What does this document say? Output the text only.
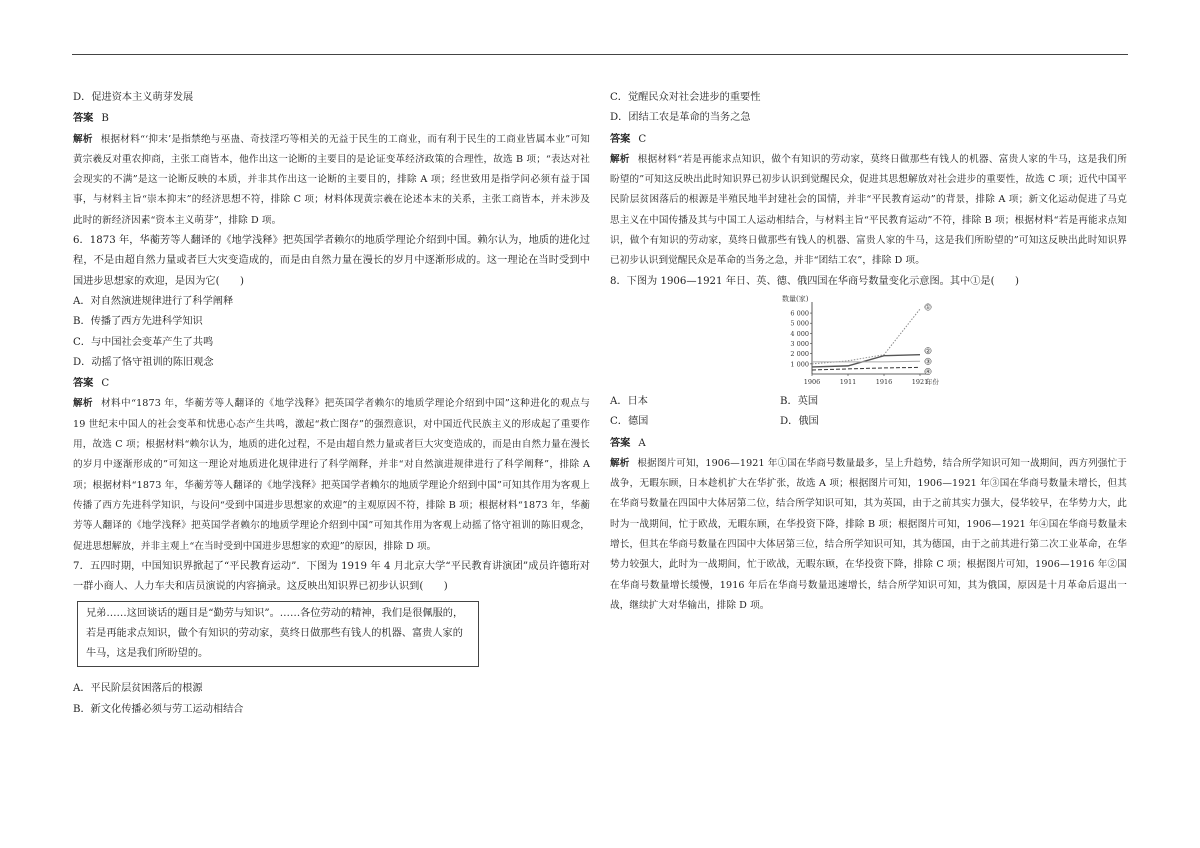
D．促进资本主义萌芽发展

答案 B

解析 根据材料“‘抑末’是指禁绝与巫蛊、奇技淫巧等相关的无益于民生的工商业，而有利于民生的工商业皆属本业”可知黄宗羲反对重农抑商，主张工商皆本，他作出这一论断的主要目的是论证变革经济政策的合理性，故选 B 项；“表达对社会现实的不满”是这一论断反映的本质，并非其作出这一论断的主要目的，排除 A 项；经世致用是指学问必须有益于国事，与材料主旨“崇本抑末”的经济思想不符，排除 C 项；材料体现黄宗羲在论述本末的关系，主张工商皆本，并未涉及此时的新经济因素“资本主义萌芽”，排除 D 项。

6．1873 年，华蘅芳等人翻译的《地学浅释》把英国学者赖尔的地质学理论介绍到中国。赖尔认为，地质的进化过程，不是由超自然力量或者巨大灾变造成的，而是由自然力量在漫长的岁月中逐渐形成的。这一理论在当时受到中国进步思想家的欢迎，是因为它(　　)

A．对自然演进规律进行了科学阐释

B．传播了西方先进科学知识

C．与中国社会变革产生了共鸣

D．动摇了恪守祖训的陈旧观念

答案 C

解析 材料中“1873 年，华蘅芳等人翻译的《地学浅释》把英国学者赖尔的地质学理论介绍到中国”这种进化的观点与 19 世纪末中国人的社会变革和忧患心态产生共鸣，激起“救亡图存”的强烈意识，对中国近代民族主义的形成起了重要作用，故选 C 项；根据材料“赖尔认为，地质的进化过程，不是由超自然力量或者巨大灾变造成的，而是由自然力量在漫长的岁月中逐渐形成的”可知这一理论对地质进化规律进行了科学阐释，并非“对自然演进规律进行了科学阐释”，排除 A 项；根据材料“1873 年，华蘅芳等人翻译的《地学浅释》把英国学者赖尔的地质学理论介绍到中国”可知其作用为客观上传播了西方先进科学知识，与设问“受到中国进步思想家的欢迎”的主观原因不符，排除 B 项；根据材料“1873 年，华蘅芳等人翻译的《地学浅释》把英国学者赖尔的地质学理论介绍到中国”可知其作用为客观上动摇了恪守祖训的陈旧观念，促进思想解放，并非主观上“在当时受到中国进步思想家的欢迎”的原因，排除 D 项。

7．五四时期，中国知识界掀起了“平民教育运动”．下图为 1919 年 4 月北京大学“平民教育讲演团”成员许德珩对一群小商人、人力车夫和店员演说的内容摘录。这反映出知识界已初步认识到(　　)

兄弟……这回谈话的题目是“勤劳与知识”。……各位劳动的精神，我们是很佩服的，若是再能求点知识，做个有知识的劳动家，莫终日做那些有钱人的机器、富贵人家的牛马，这是我们所盼望的。

A．平民阶层贫困落后的根源

B．新文化传播必须与劳工运动相结合

C．觉醒民众对社会进步的重要性

D．团结工农是革命的当务之急

答案 C

解析 根据材料“若是再能求点知识，做个有知识的劳动家，莫终日做那些有钱人的机器、富贵人家的牛马，这是我们所盼望的”可知这反映出此时知识界已初步认识到觉醒民众，促进其思想解放对社会进步的重要性，故选 C 项；近代中国平民阶层贫困落后的根源是半殖民地半封建社会的国情，并非“平民教育运动”的背景，排除 A 项；新文化运动促进了马克思主义在中国传播及其与中国工人运动相结合，与材料主旨“平民教育运动”不符，排除 B 项；根据材料“若是再能求点知识，做个有知识的劳动家，莫终日做那些有钱人的机器、富贵人家的牛马，这是我们所盼望的”可知这反映出此时知识界已初步认识到觉醒民众是革命的当务之急，并非“团结工农”，排除 D 项。

8．下图为 1906—1921 年日、英、德、俄四国在华商号数量变化示意图。其中①是(　　)

数量(家)
1 000
2 000
3 000
4 000
5 000
6 000
1906	1911	1916	1921
年份
①
②
③
④
A．日本	B．英国
C．德国	D．俄国

答案 A

解析 根据图片可知，1906—1921 年①国在华商号数量最多，呈上升趋势，结合所学知识可知一战期间，西方列强忙于战争，无暇东顾，日本趁机扩大在华扩张，故选 A 项；根据图片可知，1906—1921 年③国在华商号数量未增长，但其在华商号数量在四国中大体居第二位，结合所学知识可知，其为英国，由于之前其实力强大，侵华较早，在华势力大，此时为一战期间，忙于欧战，无暇东顾，在华投资下降，排除 B 项；根据图片可知，1906—1921 年④国在华商号数量未增长，但其在华商号数量在四国中大体居第三位，结合所学知识可知，其为德国，由于之前其进行第二次工业革命，在华势力较强大，此时为一战期间，忙于欧战，无暇东顾，在华投资下降，排除 C 项；根据图片可知，1906—1916 年②国在华商号数量增长缓慢，1916 年后在华商号数量迅速增长，结合所学知识可知，其为俄国，原因是十月革命后退出一战，继续扩大对华输出，排除 D 项。
